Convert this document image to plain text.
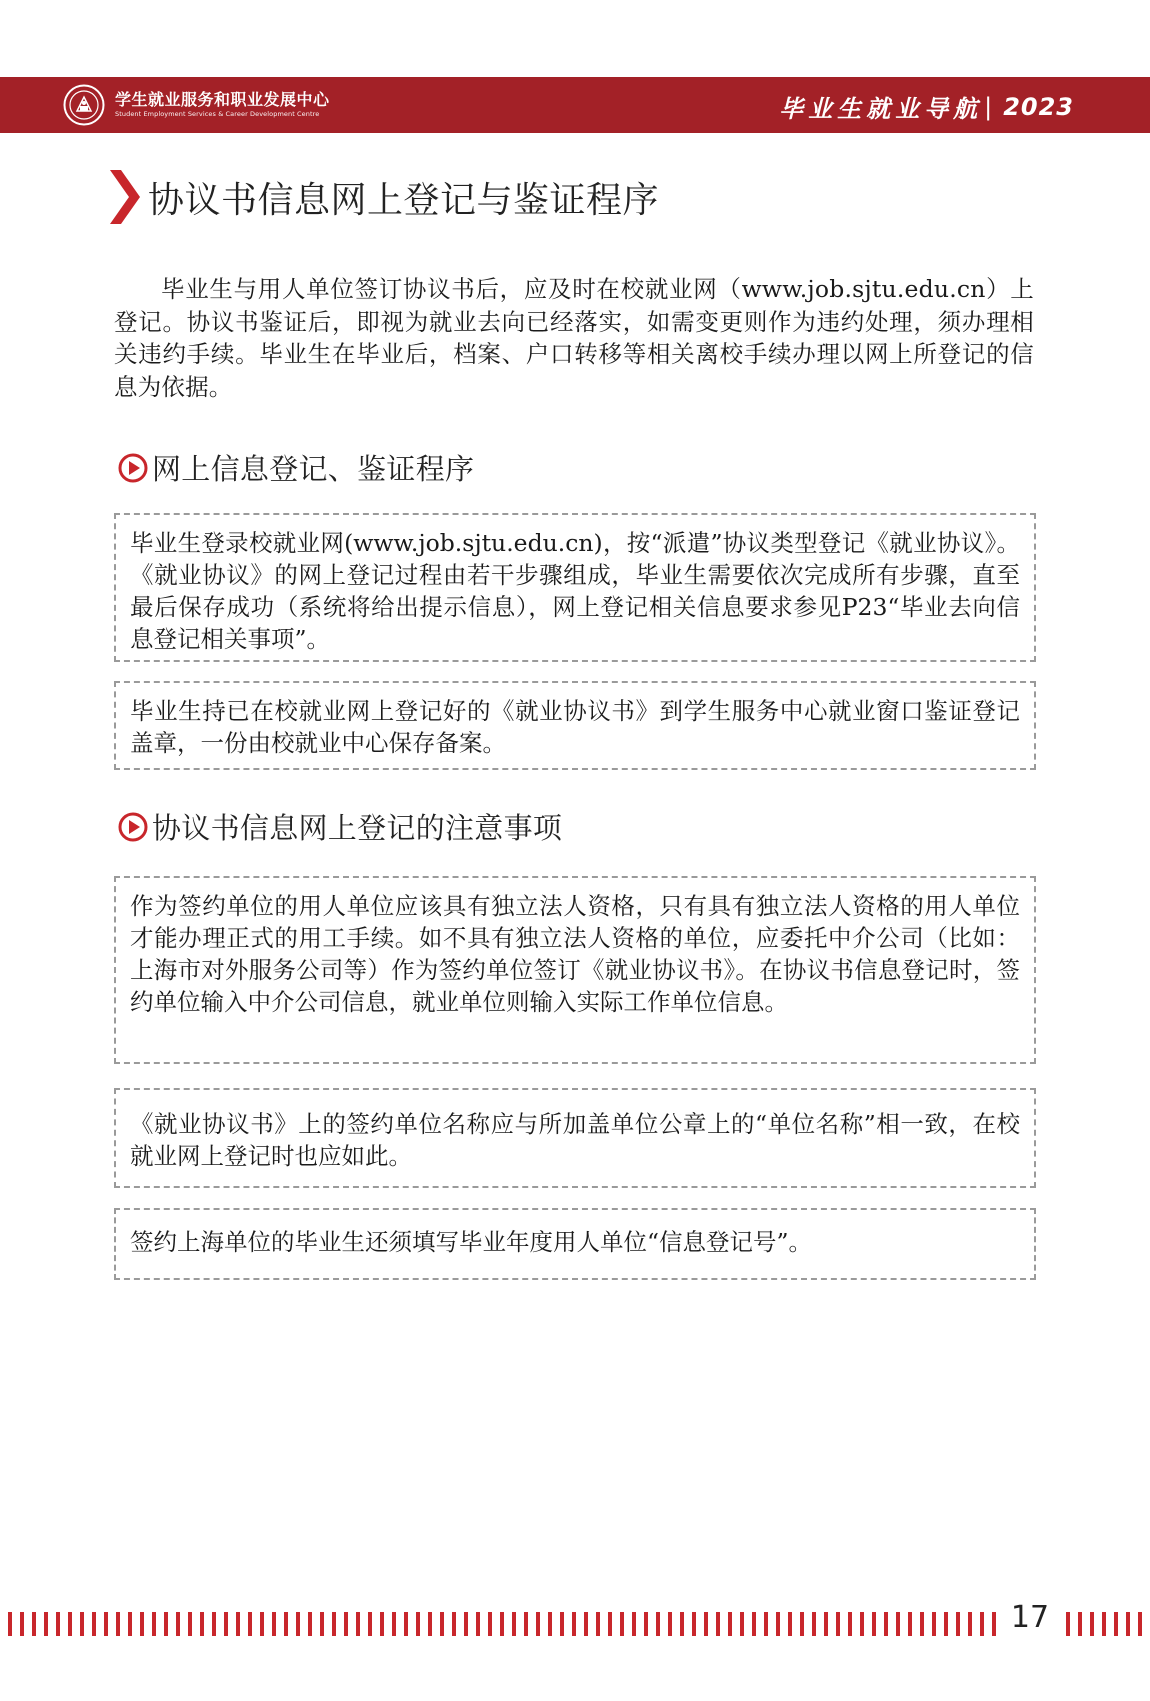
学生就业服务和职业发展中心
Student Employment Services & Career Development Centre	毕业生就业导航 | 2023
协议书信息网上登记与鉴证程序

毕业生与用人单位签订协议书后，应及时在校就业网（www.job.sjtu.edu.cn）上登记。协议书鉴证后，即视为就业去向已经落实，如需变更则作为违约处理，须办理相关违约手续。毕业生在毕业后，档案、户口转移等相关离校手续办理以网上所登记的信息为依据。

网上信息登记、鉴证程序

毕业生登录校就业网(www.job.sjtu.edu.cn)，按“派遣”协议类型登记《就业协议》。《就业协议》的网上登记过程由若干步骤组成，毕业生需要依次完成所有步骤，直至最后保存成功（系统将给出提示信息），网上登记相关信息要求参见P23“毕业去向信息登记相关事项”。

毕业生持已在校就业网上登记好的《就业协议书》到学生服务中心就业窗口鉴证登记盖章，一份由校就业中心保存备案。

协议书信息网上登记的注意事项

作为签约单位的用人单位应该具有独立法人资格，只有具有独立法人资格的用人单位才能办理正式的用工手续。如不具有独立法人资格的单位，应委托中介公司（比如：上海市对外服务公司等）作为签约单位签订《就业协议书》。在协议书信息登记时，签约单位输入中介公司信息，就业单位则输入实际工作单位信息。

《就业协议书》上的签约单位名称应与所加盖单位公章上的“单位名称”相一致，在校就业网上登记时也应如此。

签约上海单位的毕业生还须填写毕业年度用人单位“信息登记号”。

17
